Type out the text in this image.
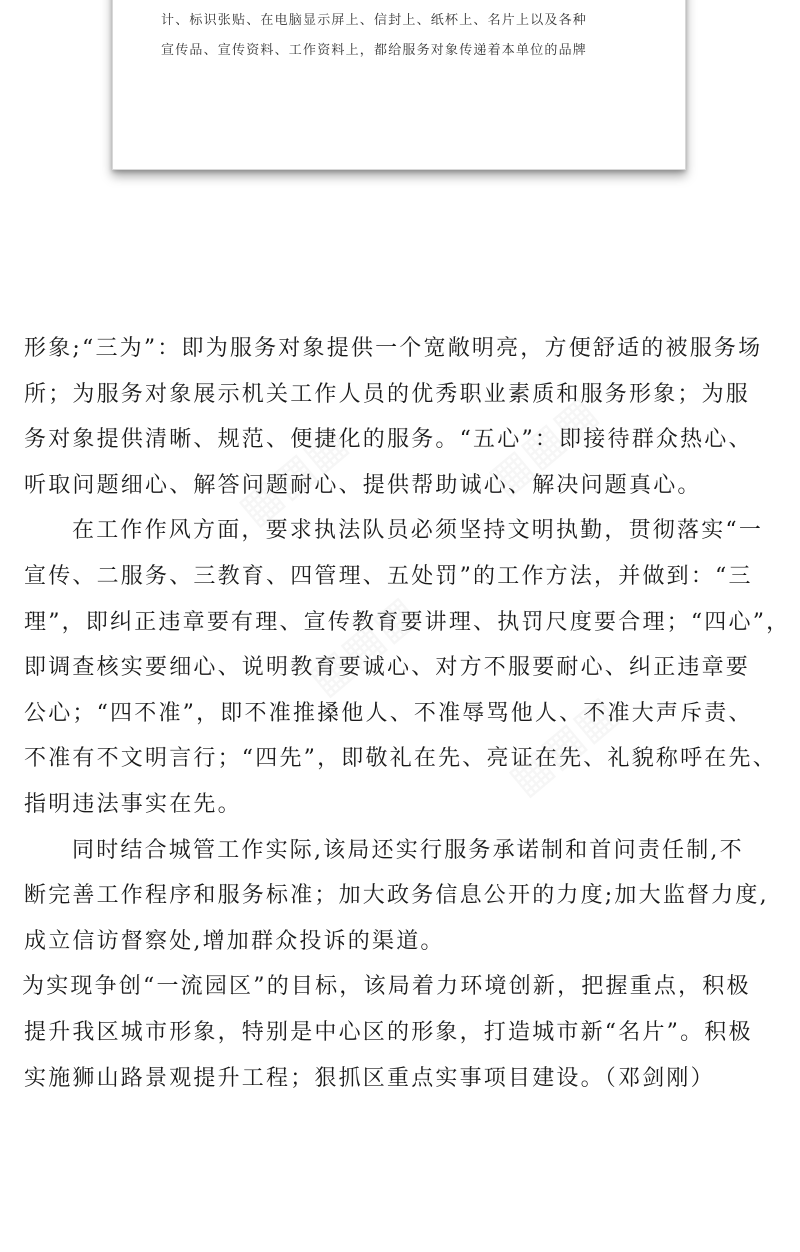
计、标识张贴、在电脑显示屏上、信封上、纸杯上、名片上以及各种
宣传品、宣传资料、工作资料上，都给服务对象传递着本单位的品牌
形象;“三为”：即为服务对象提供一个宽敞明亮，方便舒适的被服务场
所；为服务对象展示机关工作人员的优秀职业素质和服务形象；为服
务对象提供清晰、规范、便捷化的服务。“五心”：即接待群众热心、
听取问题细心、解答问题耐心、提供帮助诚心、解决问题真心。
在工作作风方面，要求执法队员必须坚持文明执勤，贯彻落实“一
宣传、二服务、三教育、四管理、五处罚”的工作方法，并做到：“三
理”，即纠正违章要有理、宣传教育要讲理、执罚尺度要合理；“四心”，
即调查核实要细心、说明教育要诚心、对方不服要耐心、纠正违章要
公心；“四不准”，即不准推搡他人、不准辱骂他人、不准大声斥责、
不准有不文明言行；“四先”，即敬礼在先、亮证在先、礼貌称呼在先、
指明违法事实在先。
同时结合城管工作实际,该局还实行服务承诺制和首问责任制,不
断完善工作程序和服务标准；加大政务信息公开的力度;加大监督力度,
成立信访督察处,增加群众投诉的渠道。
为实现争创“一流园区”的目标，该局着力环境创新，把握重点，积极
提升我区城市形象，特别是中心区的形象，打造城市新“名片”。积极
实施狮山路景观提升工程；狠抓区重点实事项目建设。（邓剑刚）
